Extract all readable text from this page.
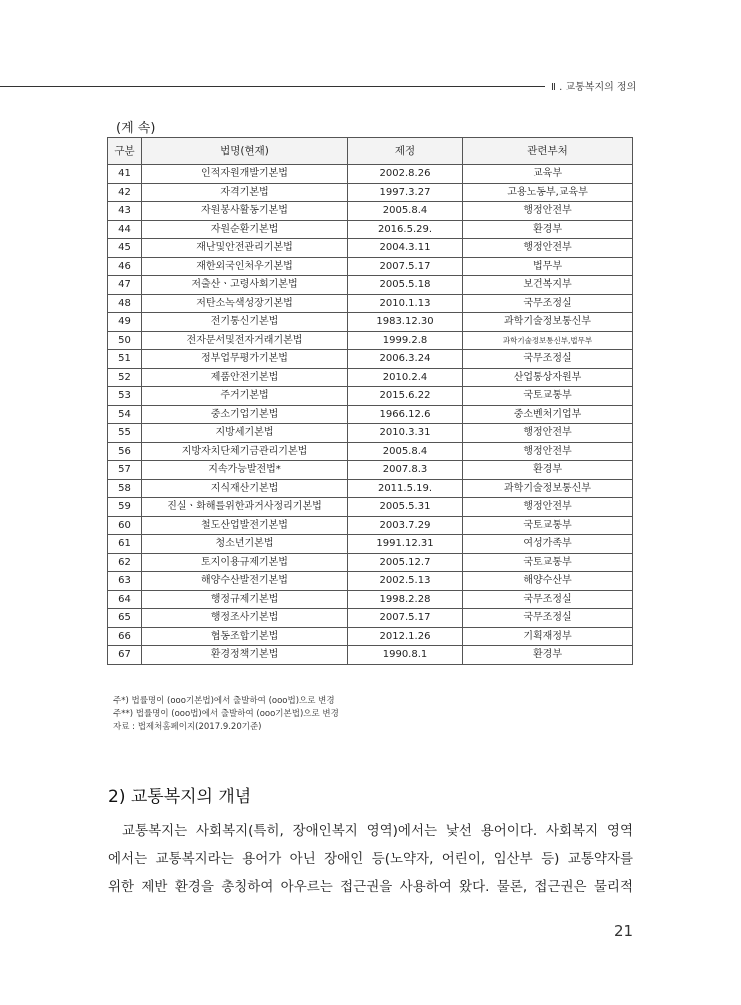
Ⅱ . 교통복지의 정의
(계 속)
구분	법명(현재)	제정	관련부처
41	인적자원개발기본법	2002.8.26	교육부
42	자격기본법	1997.3.27	고용노동부,교육부
43	자원봉사활동기본법	2005.8.4	행정안전부
44	자원순환기본법	2016.5.29.	환경부
45	재난및안전관리기본법	2004.3.11	행정안전부
46	재한외국인처우기본법	2007.5.17	법무부
47	저출산ㆍ고령사회기본법	2005.5.18	보건복지부
48	저탄소녹색성장기본법	2010.1.13	국무조정실
49	전기통신기본법	1983.12.30	과학기술정보통신부
50	전자문서및전자거래기본법	1999.2.8	과학기술정보통신부,법무부
51	정부업무평가기본법	2006.3.24	국무조정실
52	제품안전기본법	2010.2.4	산업통상자원부
53	주거기본법	2015.6.22	국토교통부
54	중소기업기본법	1966.12.6	중소벤처기업부
55	지방세기본법	2010.3.31	행정안전부
56	지방자치단체기금관리기본법	2005.8.4	행정안전부
57	지속가능발전법*	2007.8.3	환경부
58	지식재산기본법	2011.5.19.	과학기술정보통신부
59	진실ㆍ화해를위한과거사정리기본법	2005.5.31	행정안전부
60	철도산업발전기본법	2003.7.29	국토교통부
61	청소년기본법	1991.12.31	여성가족부
62	토지이용규제기본법	2005.12.7	국토교통부
63	해양수산발전기본법	2002.5.13	해양수산부
64	행정규제기본법	1998.2.28	국무조정실
65	행정조사기본법	2007.5.17	국무조정실
66	협동조합기본법	2012.1.26	기획재정부
67	환경정책기본법	1990.8.1	환경부
주*) 법률명이 (ooo기본법)에서 출발하여 (ooo법)으로 변경
주**) 법률명이 (ooo법)에서 출발하여 (ooo기본법)으로 변경
자료 : 법제처홈페이지(2017.9.20기준)
2) 교통복지의 개념
교통복지는 사회복지(특히, 장애인복지 영역)에서는 낯선 용어이다. 사회복지 영역
에서는 교통복지라는 용어가 아닌 장애인 등(노약자, 어린이, 임산부 등) 교통약자를
위한 제반 환경을 총칭하여 아우르는 접근권을 사용하여 왔다. 물론, 접근권은 물리적
21
